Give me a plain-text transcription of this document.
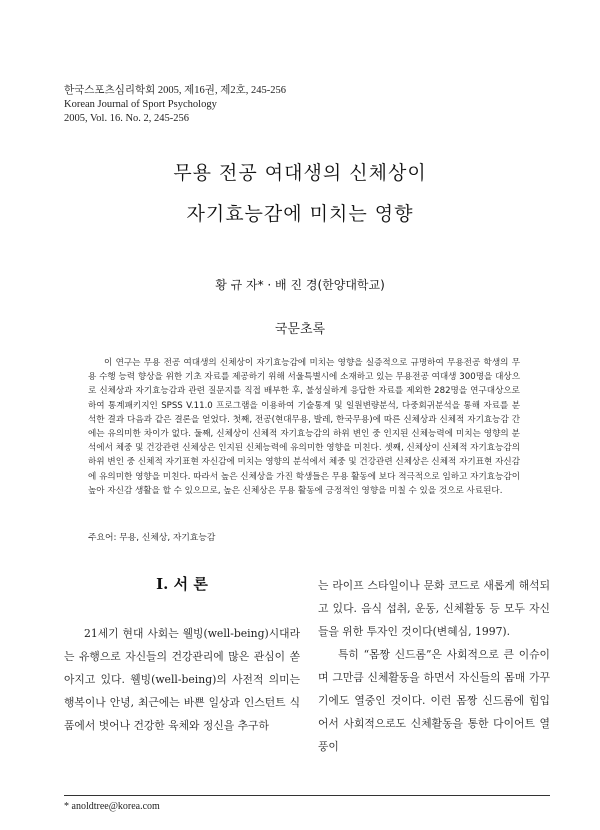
한국스포츠심리학회 2005, 제16권, 제2호, 245-256
Korean Journal of Sport Psychology
2005, Vol. 16. No. 2, 245-256
무용 전공 여대생의 신체상이
자기효능감에 미치는 영향
황 규 자* · 배 진 경(한양대학교)
국문초록
이 연구는 무용 전공 여대생의 신체상이 자기효능감에 미치는 영향을 실증적으로 규명하여 무용전공 학생의 무용 수행 능력 향상을 위한 기초 자료를 제공하기 위해 서울특별시에 소재하고 있는 무용전공 여대생 300명을 대상으로 신체상과 자기효능감과 관련 질문지를 직접 배부한 후, 불성실하게 응답한 자료를 제외한 282명을 연구대상으로 하여 통계패키지인 SPSS V.11.0 프로그램을 이용하여 기술통계 및 일원변량분석, 다중회귀분석을 통해 자료를 분석한 결과 다음과 같은 결론을 얻었다. 첫째, 전공(현대무용, 발레, 한국무용)에 따른 신체상과 신체적 자기효능감 간에는 유의미한 차이가 없다. 둘째, 신체상이 신체적 자기효능감의 하위 변인 중 인지된 신체능력에 미치는 영향의 분석에서 체중 및 건강관련 신체상은 인지된 신체능력에 유의미한 영향을 미친다. 셋째, 신체상이 신체적 자기효능감의 하위 변인 중 신체적 자기표현 자신감에 미치는 영향의 분석에서 체중 및 건강관련 신체상은 신체적 자기표현 자신감에 유의미한 영향을 미친다. 따라서 높은 신체상을 가진 학생들은 무용 활동에 보다 적극적으로 임하고 자기효능감이 높아 자신감 생활을 할 수 있으므로, 높은 신체상은 무용 활동에 긍정적인 영향을 미칠 수 있을 것으로 사료된다.
주요어: 무용, 신체상, 자기효능감
I. 서 론

21세기 현대 사회는 웰빙(well-being)시대라는 유행으로 자신들의 건강관리에 많은 관심이 쏟아지고 있다. 웰빙(well-being)의 사전적 의미는 행복이나 안녕, 최근에는 바쁜 일상과 인스턴트 식품에서 벗어나 건강한 육체와 정신을 추구하

는 라이프 스타일이나 문화 코드로 새롭게 해석되고 있다. 음식 섭취, 운동, 신체활동 등 모두 자신들을 위한 투자인 것이다(변혜심, 1997).

특히 “몸짱 신드롬”은 사회적으로 큰 이슈이며 그만큼 신체활동을 하면서 자신들의 몸매 가꾸기에도 열중인 것이다. 이런 몸짱 신드롬에 힘입어서 사회적으로도 신체활동을 통한 다이어트 열풍이

* anoldtree@korea.com
